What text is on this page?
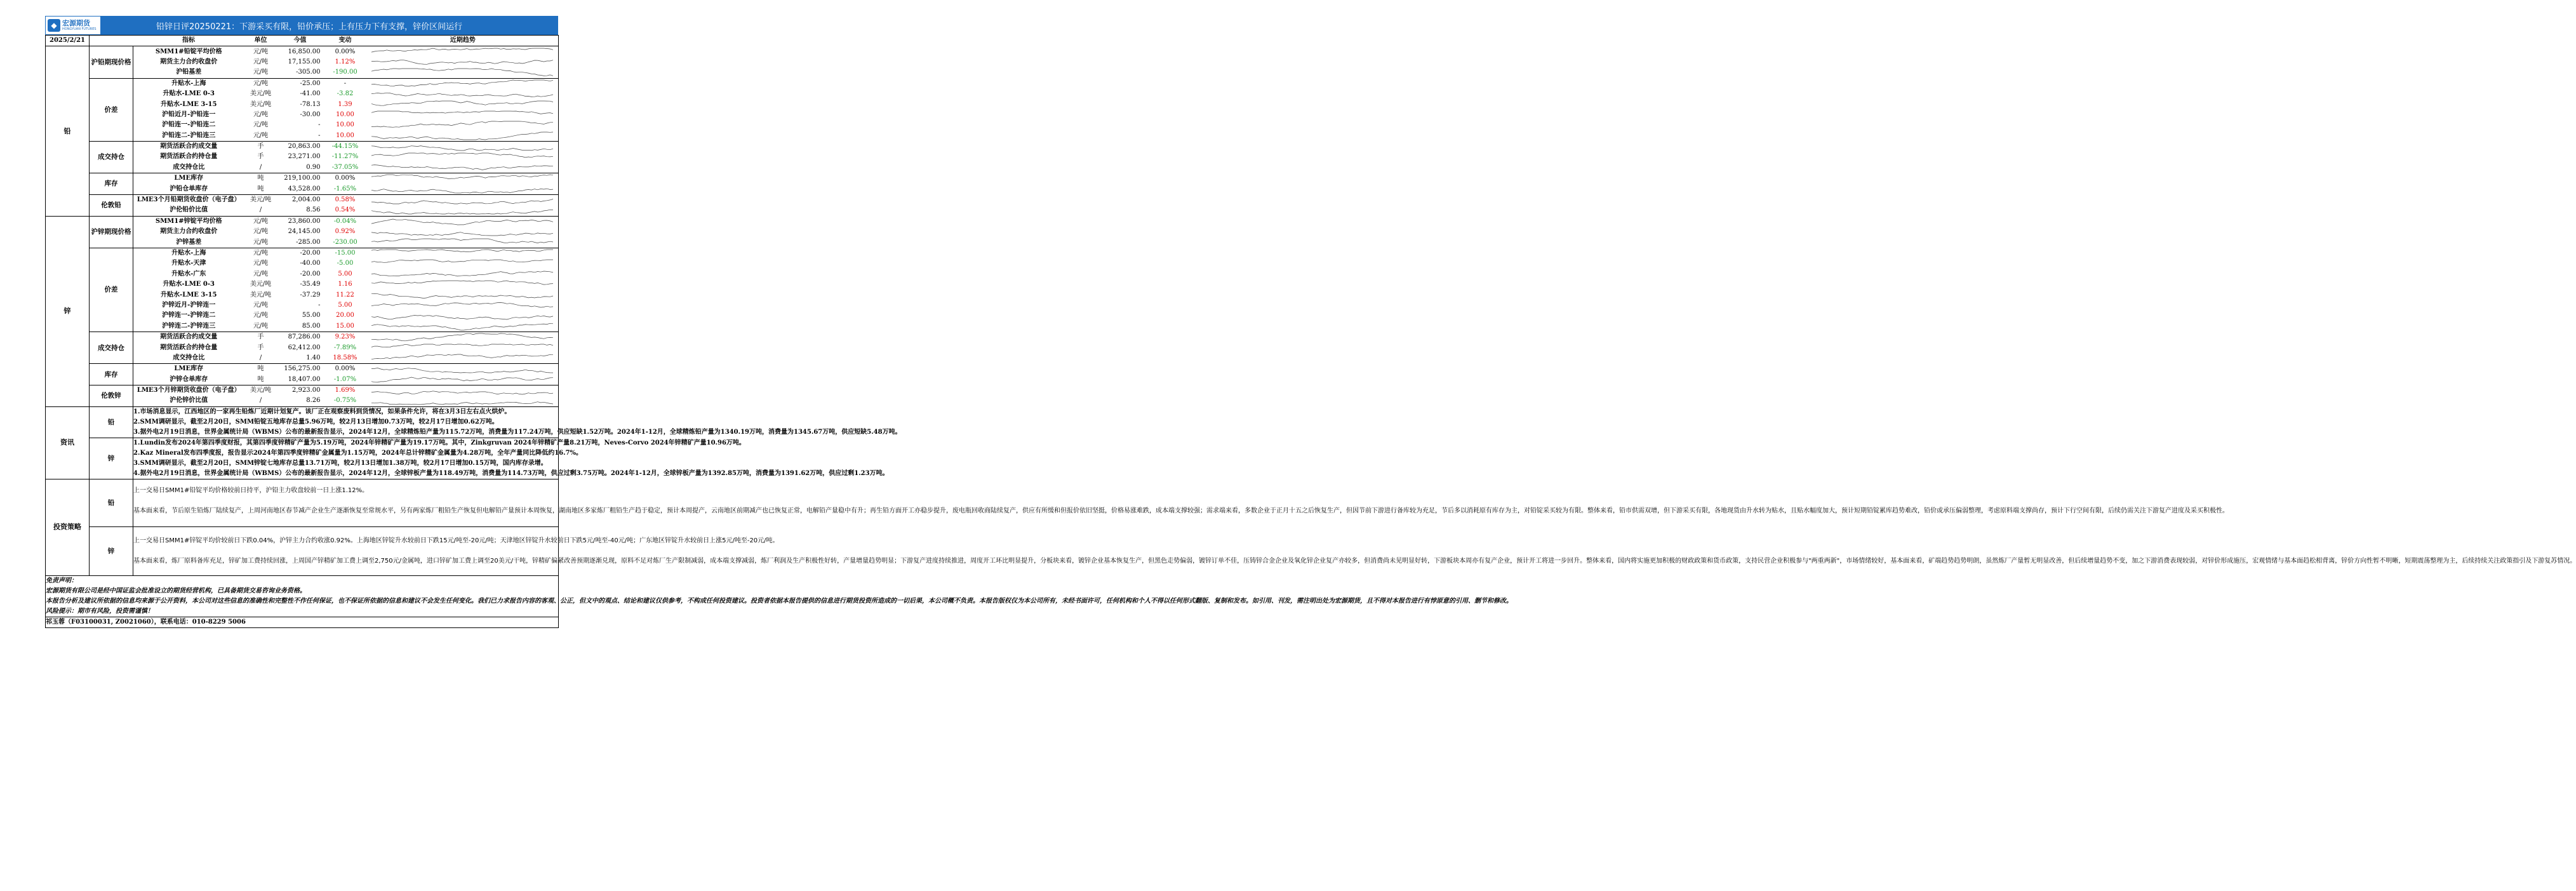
◆ 宏源期货
HONGYUAN FUTURES	铅锌日评20250221：下游采买有限，铅价承压；上有压力下有支撑，锌价区间运行
2025/2/21		指标	单位	今值	变动	近期趋势
铅	沪铅期现价格	SMM1#铅锭平均价格	元/吨	16,850.00	0.00%	

		期货主力合约收盘价	元/吨	17,155.00	1.12%	

		沪铅基差	元/吨	-305.00	-190.00	

	价差	升贴水-上海	元/吨	-25.00	-	

		升贴水-LME 0-3	美元/吨	-41.00	-3.82	

		升贴水-LME 3-15	美元/吨	-78.13	1.39	

		沪铅近月-沪铅连一	元/吨	-30.00	10.00	

		沪铅连一-沪铅连二	元/吨	-	10.00	

		沪铅连二-沪铅连三	元/吨	-	10.00	

	成交持仓	期货活跃合约成交量	手	20,863.00	-44.15%	

		期货活跃合约持仓量	手	23,271.00	-11.27%	

		成交持仓比	/	0.90	-37.05%	

	库存	LME库存	吨	219,100.00	0.00%	

		沪铅仓单库存	吨	43,528.00	-1.65%	

	伦敦铅	LME3个月铅期货收盘价（电子盘）	美元/吨	2,004.00	0.58%	

		沪伦铅价比值	/	8.56	0.54%	

锌	沪锌期现价格	SMM1#锌锭平均价格	元/吨	23,860.00	-0.04%	

		期货主力合约收盘价	元/吨	24,145.00	0.92%	

		沪锌基差	元/吨	-285.00	-230.00	

	价差	升贴水-上海	元/吨	-20.00	-15.00	

		升贴水-天津	元/吨	-40.00	-5.00	

		升贴水-广东	元/吨	-20.00	5.00	

		升贴水-LME 0-3	美元/吨	-35.49	1.16	

		升贴水-LME 3-15	美元/吨	-37.29	11.22	

		沪锌近月-沪锌连一	元/吨	-	5.00	

		沪锌连一-沪锌连二	元/吨	55.00	20.00	

		沪锌连二-沪锌连三	元/吨	85.00	15.00	

	成交持仓	期货活跃合约成交量	手	87,286.00	9.23%	

		期货活跃合约持仓量	手	62,412.00	-7.89%	

		成交持仓比	/	1.40	18.58%	

	库存	LME库存	吨	156,275.00	0.00%	

		沪锌仓单库存	吨	18,407.00	-1.07%	

	伦敦锌	LME3个月锌期货收盘价（电子盘）	美元/吨	2,923.00	1.69%	

		沪伦锌价比值	/	8.26	-0.75%	
资讯	铅	1.市场消息显示，江西地区的一家再生铅炼厂近期计划复产。该厂正在观察废料到货情况，如果条件允许，将在3月3日左右点火烘炉。

2.SMM调研显示，截至2月20日，SMM铅锭五地库存总量5.96万吨，较2月13日增加0.73万吨，较2月17日增加0.62万吨。

3.据外电2月19日消息，世界金属统计局（WBMS）公布的最新报告显示，2024年12月，全球精炼铅产量为115.72万吨，消费量为117.24万吨，供应短缺1.52万吨。2024年1-12月，全球精炼铅产量为1340.19万吨，消费量为1345.67万吨，供应短缺5.48万吨。

	锌	1.Lundin发布2024年第四季度财报，其第四季度锌精矿产量为5.19万吨，2024年锌精矿产量为19.17万吨。其中，Zinkgruvan 2024年锌精矿产量8.21万吨，Neves-Corvo 2024年锌精矿产量10.96万吨。

2.Kaz Mineral发布四季度报，报告显示2024年第四季度锌精矿金属量为1.15万吨，2024年总计锌精矿金属量为4.28万吨，全年产量同比降低约16.7%。

3.SMM调研显示，截至2月20日，SMM锌锭七地库存总量13.71万吨，较2月13日增加1.38万吨，较2月17日增加0.15万吨，国内库存录增。

4.据外电2月19日消息，世界金属统计局（WBMS）公布的最新报告显示，2024年12月，全球锌板产量为118.49万吨，消费量为114.73万吨，供应过剩3.75万吨。2024年1-12月，全球锌板产量为1392.85万吨，消费量为1391.62万吨，供应过剩1.23万吨。

投资策略	铅	上一交易日SMM1#铅锭平均价格较前日持平，沪铅主力收盘较前一日上涨1.12%。

基本面来看，节后原生铅炼厂陆续复产，上周河南地区春节减产企业生产逐渐恢复至常规水平，另有两家炼厂粗铅生产恢复但电解铅产量预计本周恢复，湖南地区多家炼厂粗铅生产趋于稳定，预计本周提产，云南地区前期减产也已恢复正常，电解铅产量稳中有升；再生铅方面开工亦稳步提升，废电瓶回收商陆续复产，供应有所缓和但报价依旧坚挺，价格易涨难跌，成本端支撑较强；需求端来看，多数企业于正月十五之后恢复生产，但因节前下游进行备库较为充足，节后多以消耗原有库存为主，对铅锭采买较为有限。整体来看，铅市供需双增，但下游采买有限，各地现货由升水转为贴水，且贴水幅度加大，预计短期铅锭累库趋势难改，铅价或承压偏弱整理，考虑原料端支撑尚存，预计下行空间有限，后续仍需关注下游复产进度及采买积极性。

	锌	上一交易日SMM1#锌锭平均价较前日下跌0.04%，沪锌主力合约收涨0.92%。上海地区锌锭升水较前日下跌15元/吨至-20元/吨；天津地区锌锭升水较前日下跌5元/吨至-40元/吨；广东地区锌锭升水较前日上涨5元/吨至-20元/吨。

基本面来看，炼厂原料备库充足，锌矿加工费持续回涨，上周国产锌精矿加工费上调至2,750元/金属吨，进口锌矿加工费上调至20美元/干吨，锌精矿偏紧改善预期逐渐兑现，原料不足对炼厂生产限制减弱，成本端支撑减弱，炼厂利润及生产积极性好转，产量增量趋势明显；下游复产进度持续推进，周度开工环比明显提升，分板块来看，镀锌企业基本恢复生产，但黑色走势偏弱，镀锌订单不佳，压铸锌合金企业及氧化锌企业复产亦较多，但消费尚未见明显好转，下游板块本周亦有复产企业，预计开工将进一步回升。整体来看，国内将实施更加积极的财政政策和货币政策，支持民营企业积极参与"两重两新"，市场情绪较好，基本面来看，矿端趋势趋势明朗，虽然炼厂产量暂无明显改善，但后续增量趋势不变，加之下游消费表现较弱，对锌价形成施压，宏观情绪与基本面趋松相背离，锌价方向性暂不明晰，短期震荡整理为主，后续持续关注政策指引及下游复苏情况。

免责声明：

宏源期货有限公司是经中国证监会批准设立的期货经营机构，已具备期货交易咨询业务资格。

本报告分析及建议所依据的信息均来源于公开资料，本公司对这些信息的准确性和完整性不作任何保证，也不保证所依据的信息和建议不会发生任何变化。我们已力求报告内容的客观、公正，但文中的观点、结论和建议仅供参考，不构成任何投资建议。投资者依据本报告提供的信息进行期货投资所造成的一切后果，本公司概不负责。本报告版权仅为本公司所有，未经书面许可，任何机构和个人不得以任何形式翻版、复制和发布。如引用、刊发，需注明出处为宏源期货，且不得对本报告进行有悖原意的引用、删节和修改。

风险提示：期市有风险，投资需谨慎！		

祁玉蓉（F03100031, Z0021060），联系电话：010-8229 5006		
